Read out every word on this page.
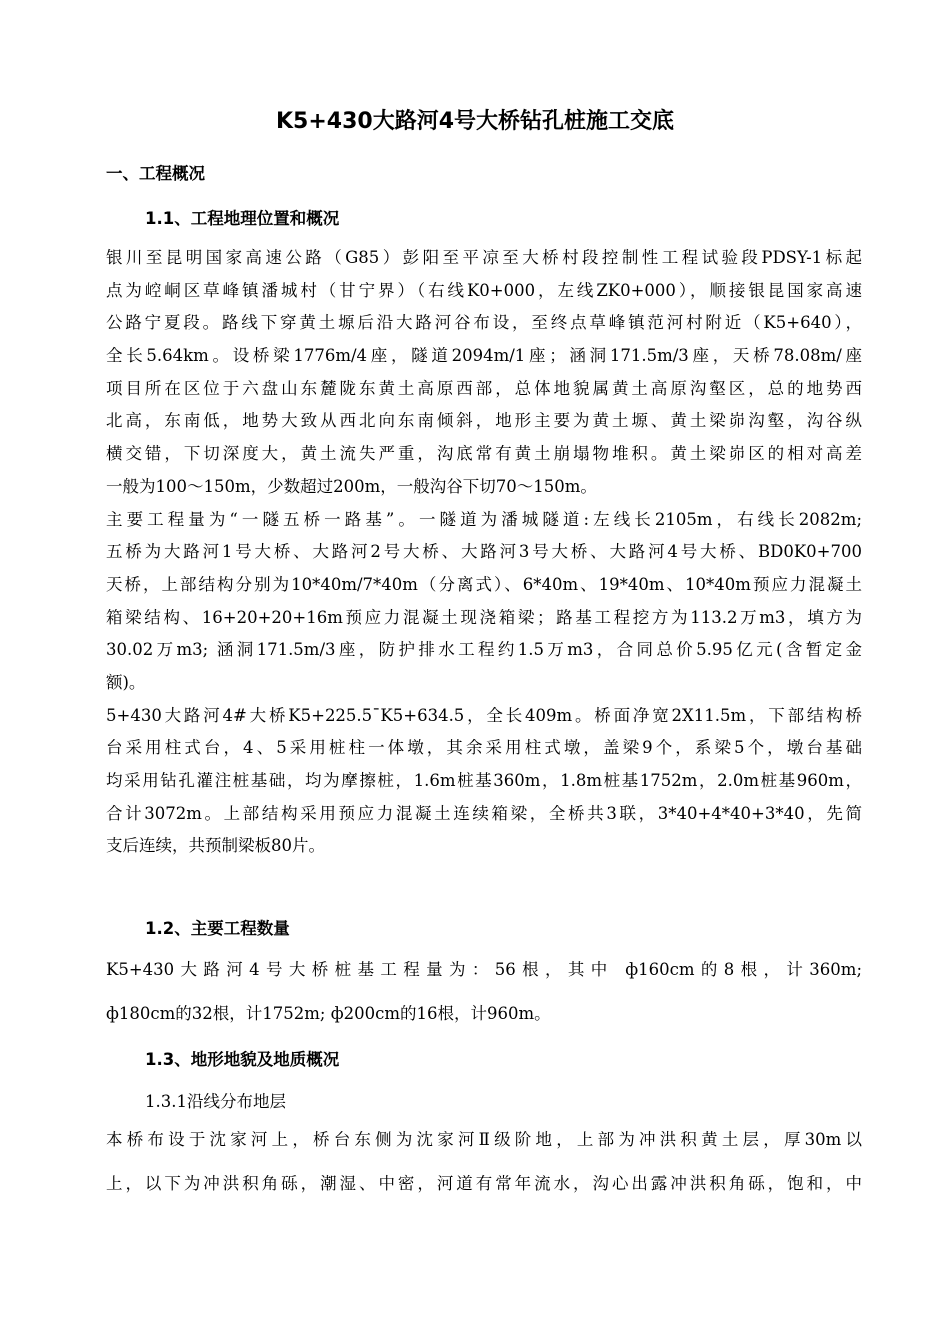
K5+430大路河4号大桥钻孔桩施工交底
一、工程概况
1.1、工程地理位置和概况
银川至昆明国家高速公路（G85）彭阳至平凉至大桥村段控制性工程试验段PDSY-1标起
点为崆峒区草峰镇潘城村（甘宁界）（右线K0+000，左线ZK0+000），顺接银昆国家高速
公路宁夏段。路线下穿黄土塬后沿大路河谷布设，至终点草峰镇范河村附近（K5+640），
全长5.64km。设桥梁1776m/4座，隧道2094m/1座；涵洞171.5m/3座，天桥78.08m/座
项目所在区位于六盘山东麓陇东黄土高原西部，总体地貌属黄土高原沟壑区，总的地势西
北高，东南低，地势大致从西北向东南倾斜，地形主要为黄土塬、黄土梁峁沟壑，沟谷纵
横交错，下切深度大，黄土流失严重，沟底常有黄土崩塌物堆积。黄土梁峁区的相对高差
一般为100～150m，少数超过200m，一般沟谷下切70～150m。
主要工程量为“一隧五桥一路基”。一隧道为潘城隧道:左线长2105m，右线长2082m;
五桥为大路河1号大桥、大路河2号大桥、大路河3号大桥、大路河4号大桥、BD0K0+700
天桥，上部结构分别为10*40m/7*40m（分离式）、6*40m、19*40m、10*40m预应力混凝土
箱梁结构、16+20+20+16m预应力混凝土现浇箱梁；路基工程挖方为113.2万m3，填方为
30.02万m3; 涵洞171.5m/3座，防护排水工程约1.5万m3，合同总价5.95亿元(含暂定金
额)。
5+430大路河4#大桥K5+225.5¯K5+634.5，全长409m。桥面净宽2X11.5m，下部结构桥
台采用柱式台，4、5采用桩柱一体墩，其余采用柱式墩，盖梁9个，系梁5个，墩台基础
均采用钻孔灌注桩基础，均为摩擦桩，1.6m桩基360m，1.8m桩基1752m，2.0m桩基960m，
合计3072m。上部结构采用预应力混凝土连续箱梁，全桥共3联，3*40+4*40+3*40，先简
支后连续，共预制梁板80片。
1.2、主要工程数量
K5+430大路河4号大桥桩基工程量为：56根，其中 ф160cm的8根，计360m;
ф180cm的32根，计1752m; ф200cm的16根，计960m。
1.3、地形地貌及地质概况
1.3.1沿线分布地层
本桥布设于沈家河上，桥台东侧为沈家河Ⅱ级阶地，上部为冲洪积黄土层，厚30m以
上，以下为冲洪积角砾，潮湿、中密，河道有常年流水，沟心出露冲洪积角砾，饱和，中
